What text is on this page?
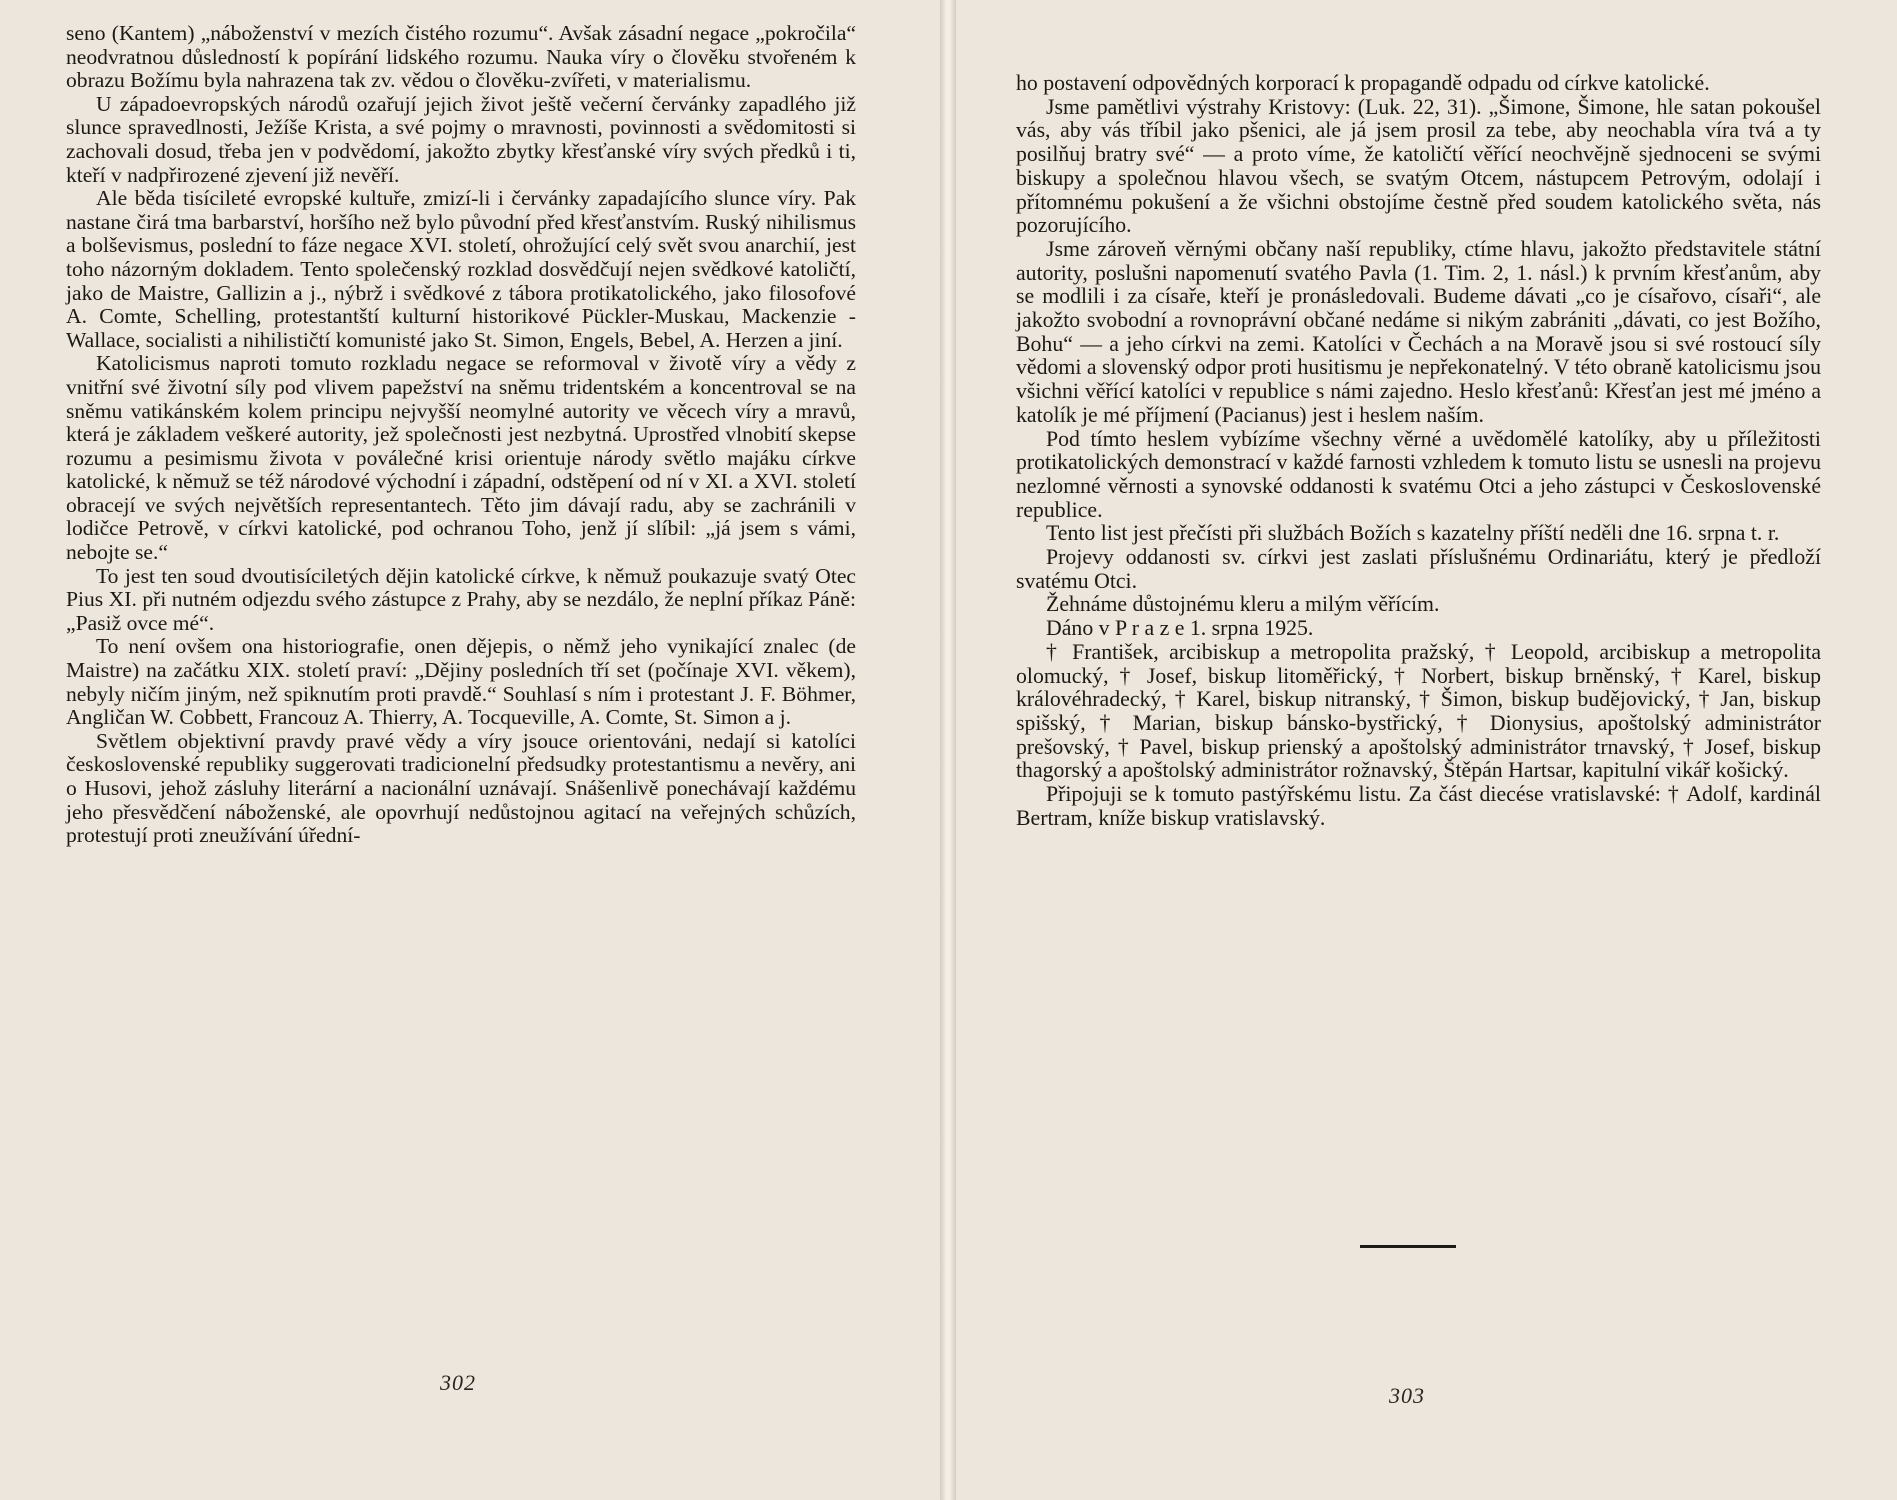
seno (Kantem) „náboženství v mezích čistého rozumu“. Avšak zásadní negace „pokročila“ neodvratnou důsledností k popírání lidského rozumu. Nauka víry o člověku stvořeném k obrazu Božímu byla nahrazena tak zv. vědou o člověku-zvířeti, v materialismu.

U západoevropských národů ozařují jejich život ještě večerní červánky zapadlého již slunce spravedlnosti, Ježíše Krista, a své pojmy o mravnosti, povinnosti a svědomitosti si zachovali dosud, třeba jen v podvědomí, jakožto zbytky křesťanské víry svých předků i ti, kteří v nadpřirozené zjevení již nevěří.

Ale běda tisícileté evropské kultuře, zmizí-li i červánky zapadajícího slunce víry. Pak nastane čirá tma barbarství, horšího než bylo původní před křesťanstvím. Ruský nihilismus a bolševismus, poslední to fáze negace XVI. století, ohrožující celý svět svou anarchií, jest toho názorným dokladem. Tento společenský rozklad dosvědčují nejen svědkové katoličtí, jako de Maistre, Gallizin a j., nýbrž i svědkové z tábora protikatolického, jako filosofové A. Comte, Schelling, protestantští kulturní historikové Pückler-Muskau, Mackenzie - Wallace, socialisti a nihilističtí komunisté jako St. Simon, Engels, Bebel, A. Herzen a jiní.

Katolicismus naproti tomuto rozkladu negace se reformoval v životě víry a vědy z vnitřní své životní síly pod vlivem papežství na sněmu tridentském a koncentroval se na sněmu vatikánském kolem principu nejvyšší neomylné autority ve věcech víry a mravů, která je základem veškeré autority, jež společnosti jest nezbytná. Uprostřed vlnobití skepse rozumu a pesimismu života v poválečné krisi orientuje národy světlo majáku církve katolické, k němuž se též národové východní i západní, odstěpení od ní v XI. a XVI. století obracejí ve svých největších representantech. Těto jim dávají radu, aby se zachránili v lodičce Petrově, v církvi katolické, pod ochranou Toho, jenž jí slíbil: „já jsem s vámi, nebojte se.“

To jest ten soud dvoutisíciletých dějin katolické církve, k němuž poukazuje svatý Otec Pius XI. při nutném odjezdu svého zástupce z Prahy, aby se nezdálo, že neplní příkaz Páně: „Pasiž ovce mé“.

To není ovšem ona historiografie, onen dějepis, o němž jeho vynikající znalec (de Maistre) na začátku XIX. století praví: „Dějiny posledních tří set (počínaje XVI. věkem), nebyly ničím jiným, než spiknutím proti pravdě.“ Souhlasí s ním i protestant J. F. Böhmer, Angličan W. Cobbett, Francouz A. Thierry, A. Tocqueville, A. Comte, St. Simon a j.

Světlem objektivní pravdy pravé vědy a víry jsouce orientováni, nedají si katolíci československé republiky suggerovati tradicionelní předsudky protestantismu a nevěry, ani o Husovi, jehož zásluhy literární a nacionální uznávají. Snášenlivě ponechávají každému jeho přesvědčení náboženské, ale opovrhují nedůstojnou agitací na veřejných schůzích, protestují proti zneužívání úřední-

302

ho postavení odpovědných korporací k propagandě odpadu od církve katolické.

Jsme pamětlivi výstrahy Kristovy: (Luk. 22, 31). „Šimone, Šimone, hle satan pokoušel vás, aby vás tříbil jako pšenici, ale já jsem prosil za tebe, aby neochabla víra tvá a ty posilňuj bratry své“ — a proto víme, že katoličtí věřící neochvějně sjednoceni se svými biskupy a společnou hlavou všech, se svatým Otcem, nástupcem Petrovým, odolají i přítomnému pokušení a že všichni obstojíme čestně před soudem katolického světa, nás pozorujícího.

Jsme zároveň věrnými občany naší republiky, ctíme hlavu, jakožto představitele státní autority, poslušni napomenutí svatého Pavla (1. Tim. 2, 1. násl.) k prvním křesťanům, aby se modlili i za císaře, kteří je pronásledovali. Budeme dávati „co je císařovo, císaři“, ale jakožto svobodní a rovnoprávní občané nedáme si nikým zabrániti „dávati, co jest Božího, Bohu“ — a jeho církvi na zemi. Katolíci v Čechách a na Moravě jsou si své rostoucí síly vědomi a slovenský odpor proti husitismu je nepřekonatelný. V této obraně katolicismu jsou všichni věřící katolíci v republice s námi zajedno. Heslo křesťanů: Křesťan jest mé jméno a katolík je mé příjmení (Pacianus) jest i heslem naším.

Pod tímto heslem vybízíme všechny věrné a uvědomělé katolíky, aby u příležitosti protikatolických demonstrací v každé farnosti vzhledem k tomuto listu se usnesli na projevu nezlomné věrnosti a synovské oddanosti k svatému Otci a jeho zástupci v Československé republice.

Tento list jest přečísti při službách Božích s kazatelny příští neděli dne 16. srpna t. r.

Projevy oddanosti sv. církvi jest zaslati příslušnému Ordinariátu, který je předloží svatému Otci.

Žehnáme důstojnému kleru a milým věřícím.

Dáno v P r a z e 1. srpna 1925.

† František, arcibiskup a metropolita pražský, † Leopold, arcibiskup a metropolita olomucký, † Josef, biskup litoměřický, † Norbert, biskup brněnský, † Karel, biskup královéhradecký, † Karel, biskup nitranský, † Šimon, biskup budějovický, † Jan, biskup spišský, † Marian, biskup bánsko-bystřický, † Dionysius, apoštolský administrátor prešovský, † Pavel, biskup prienský a apoštolský administrátor trnavský, † Josef, biskup thagorský a apoštolský administrátor rožnavský, Štěpán Hartsar, kapitulní vikář košický.

Připojuji se k tomuto pastýřskému listu. Za část diecése vratislavské: † Adolf, kardinál Bertram, kníže biskup vratislavský.

303
